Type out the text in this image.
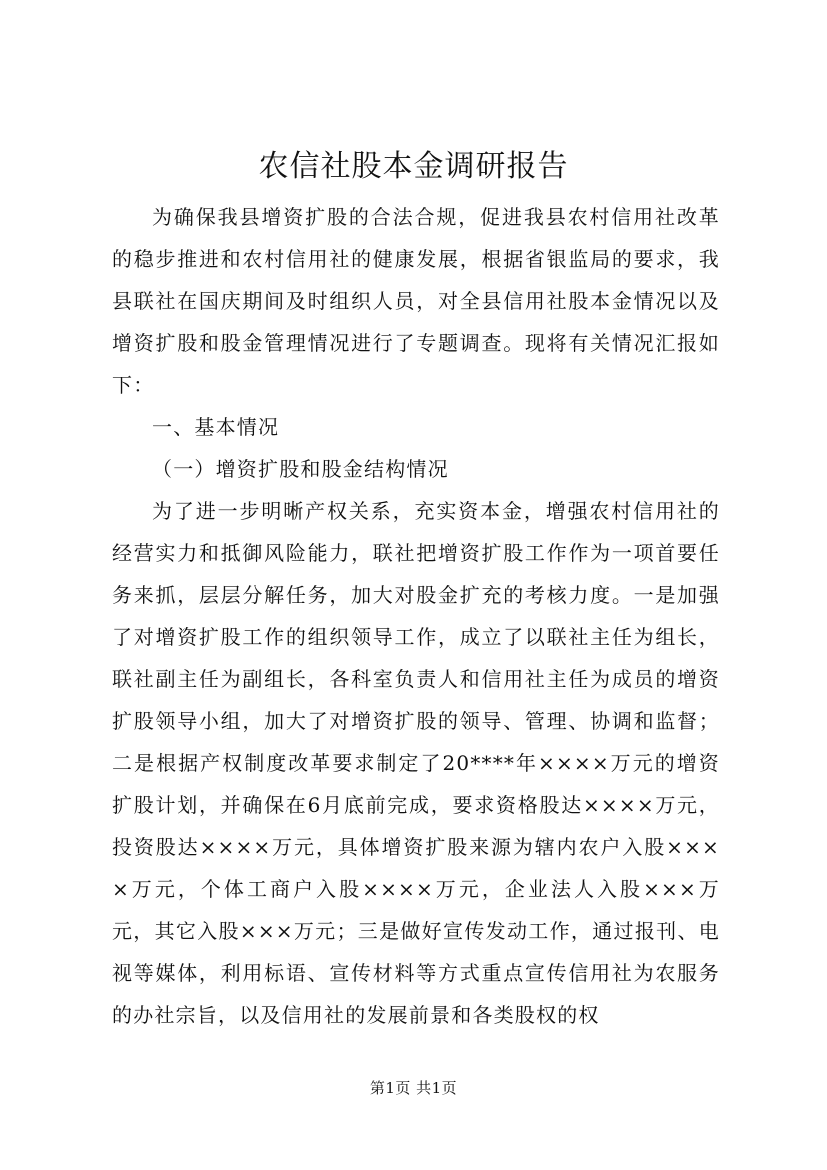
农信社股本金调研报告

为确保我县增资扩股的合法合规，促进我县农村信用社改革的稳步推进和农村信用社的健康发展，根据省银监局的要求，我县联社在国庆期间及时组织人员，对全县信用社股本金情况以及增资扩股和股金管理情况进行了专题调查。现将有关情况汇报如下：

一、基本情况

（一）增资扩股和股金结构情况

为了进一步明晰产权关系，充实资本金，增强农村信用社的经营实力和抵御风险能力，联社把增资扩股工作作为一项首要任务来抓，层层分解任务，加大对股金扩充的考核力度。一是加强了对增资扩股工作的组织领导工作，成立了以联社主任为组长，联社副主任为副组长，各科室负责人和信用社主任为成员的增资扩股领导小组，加大了对增资扩股的领导、管理、协调和监督；二是根据产权制度改革要求制定了20****年××××万元的增资扩股计划，并确保在6月底前完成，要求资格股达××××万元，投资股达××××万元，具体增资扩股来源为辖内农户入股××××万元，个体工商户入股××××万元，企业法人入股×××万元，其它入股×××万元；三是做好宣传发动工作，通过报刊、电视等媒体，利用标语、宣传材料等方式重点宣传信用社为农服务的办社宗旨，以及信用社的发展前景和各类股权的权

第1页 共1页
